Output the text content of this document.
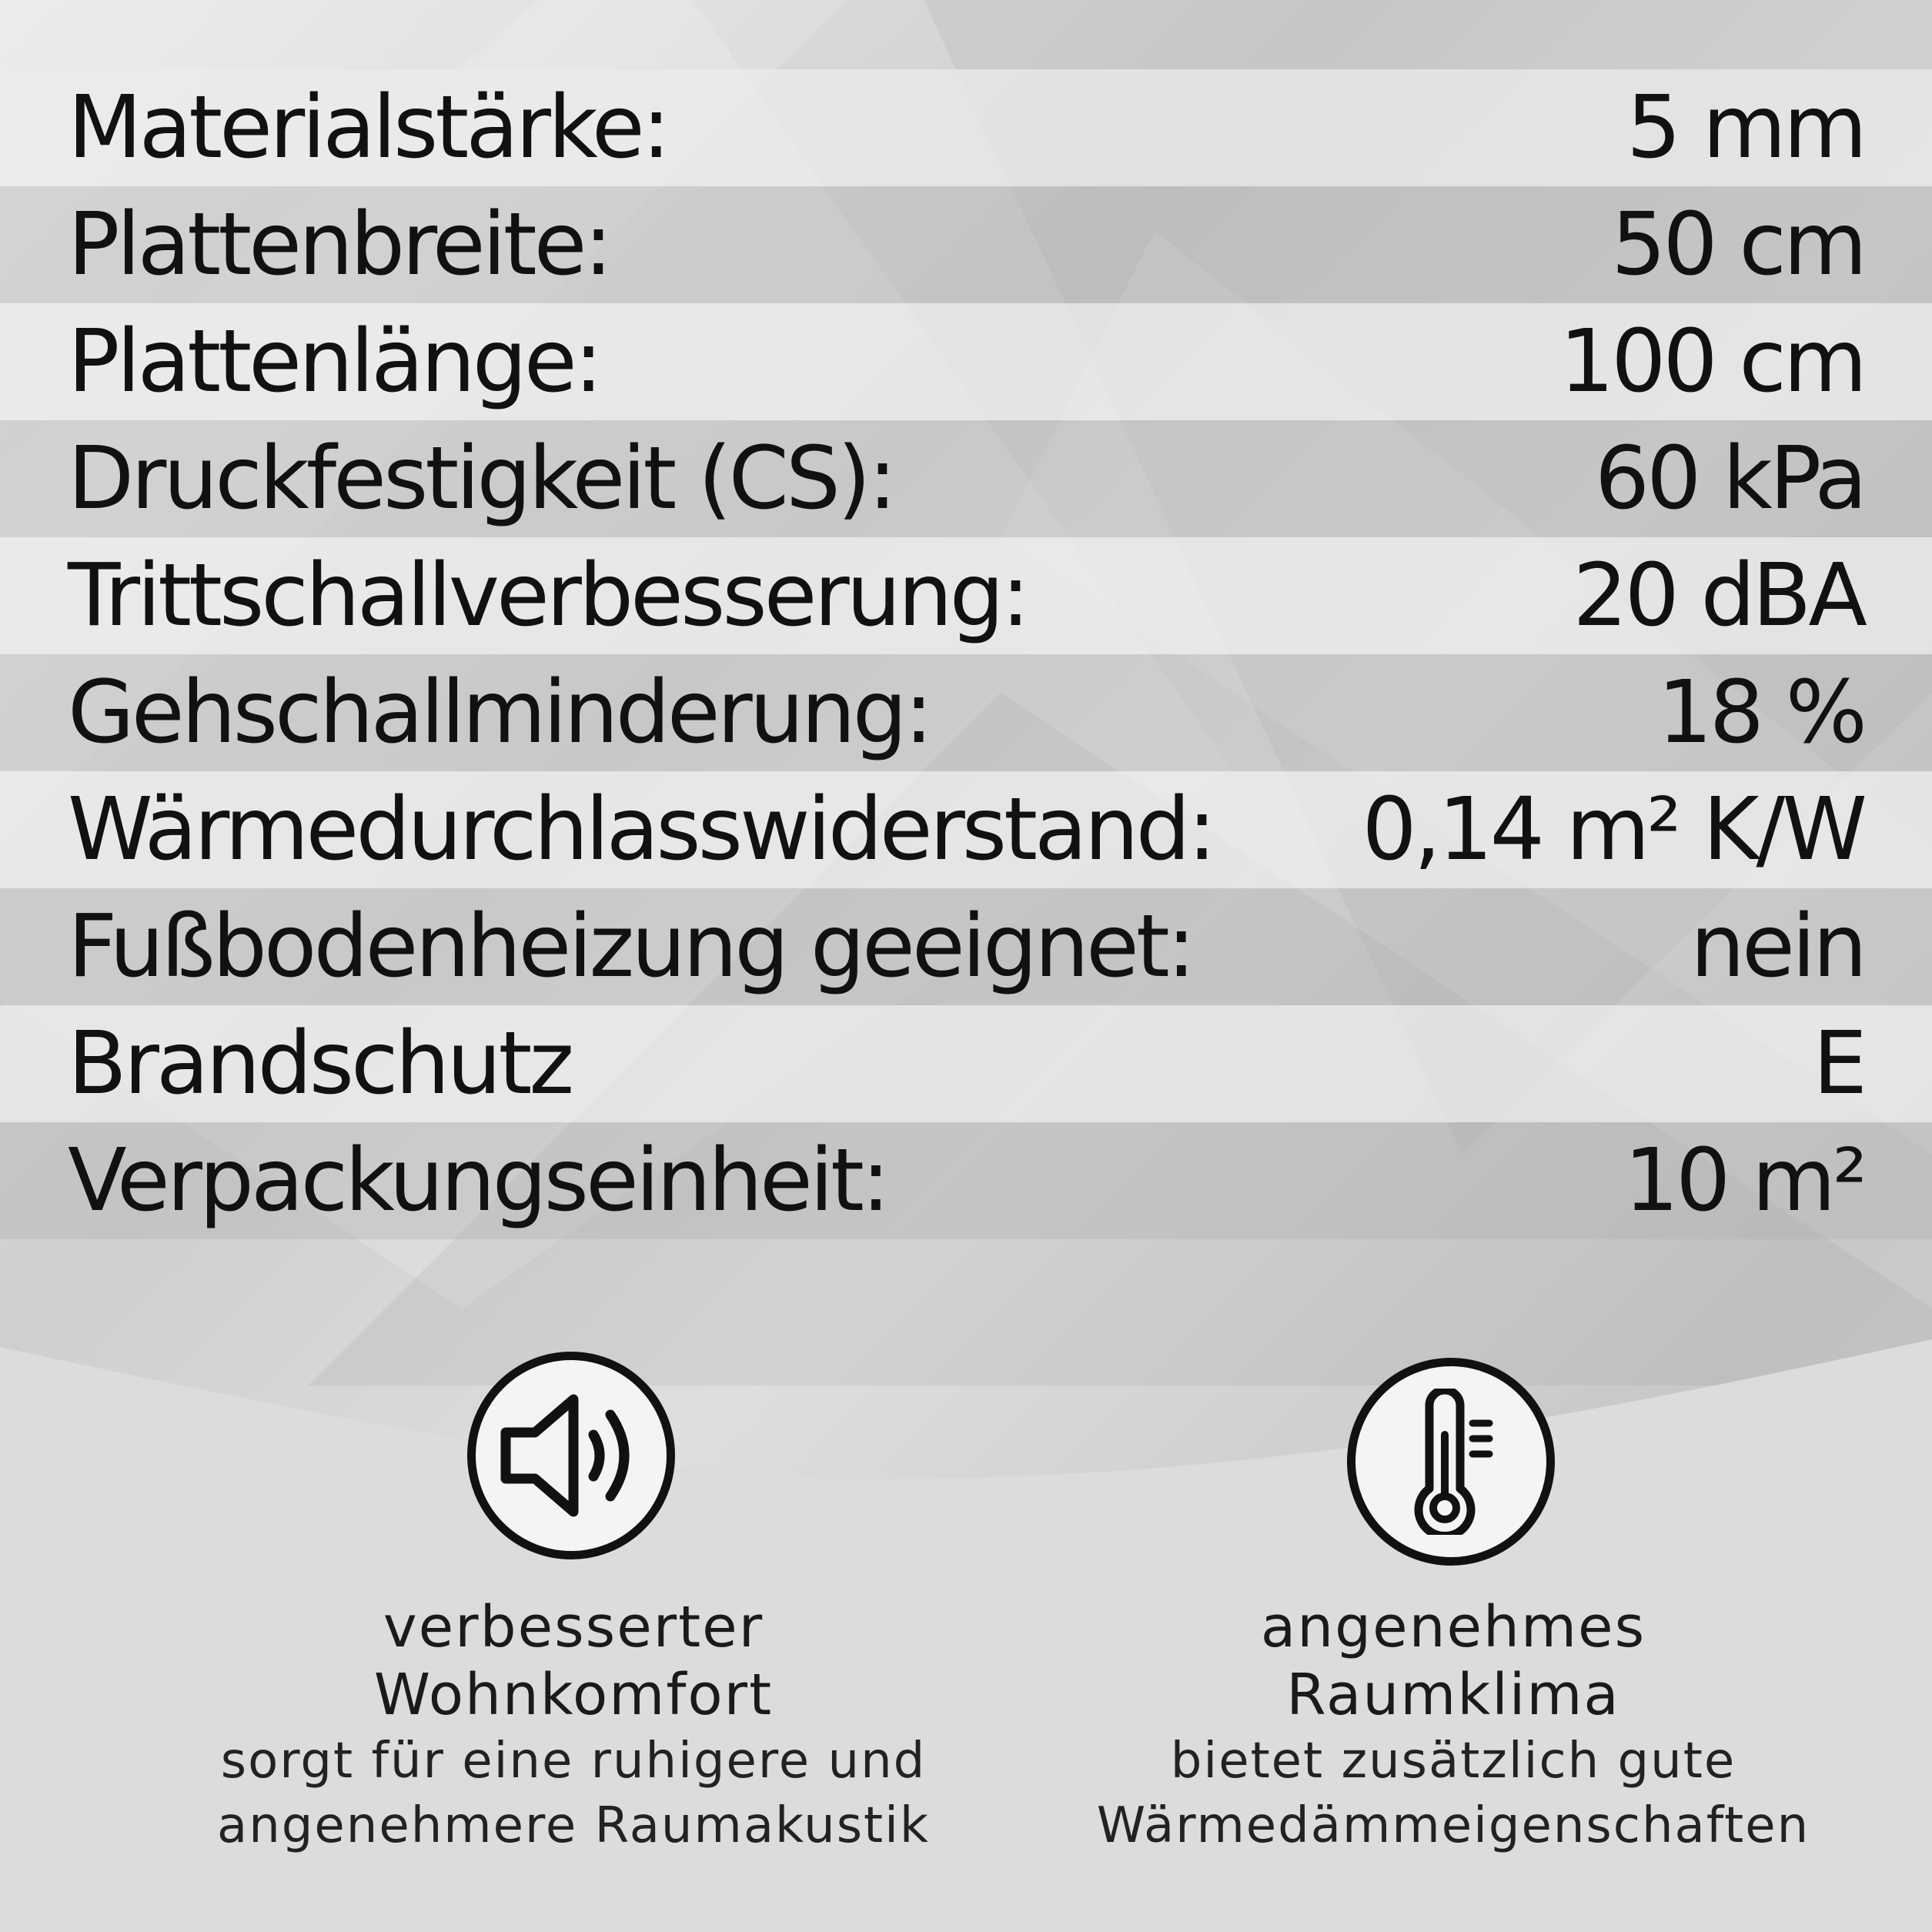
Materialstärke:	5 mm
Plattenbreite:	50 cm
Plattenlänge:	100 cm
Druckfestigkeit (CS):	60 kPa
Trittschallverbesserung:	20 dBA
Gehschallminderung:	18 %
Wärmedurchlasswiderstand: 0,14 m² K/W
Fußbodenheizung geeignet:	nein
Brandschutz	E
Verpackungseinheit:	10 m²
verbesserter
Wohnkomfort
sorgt für eine ruhigere und
angenehmere Raumakustik
angenehmes
Raumklima
bietet zusätzlich gute
Wärmedämmeigenschaften
